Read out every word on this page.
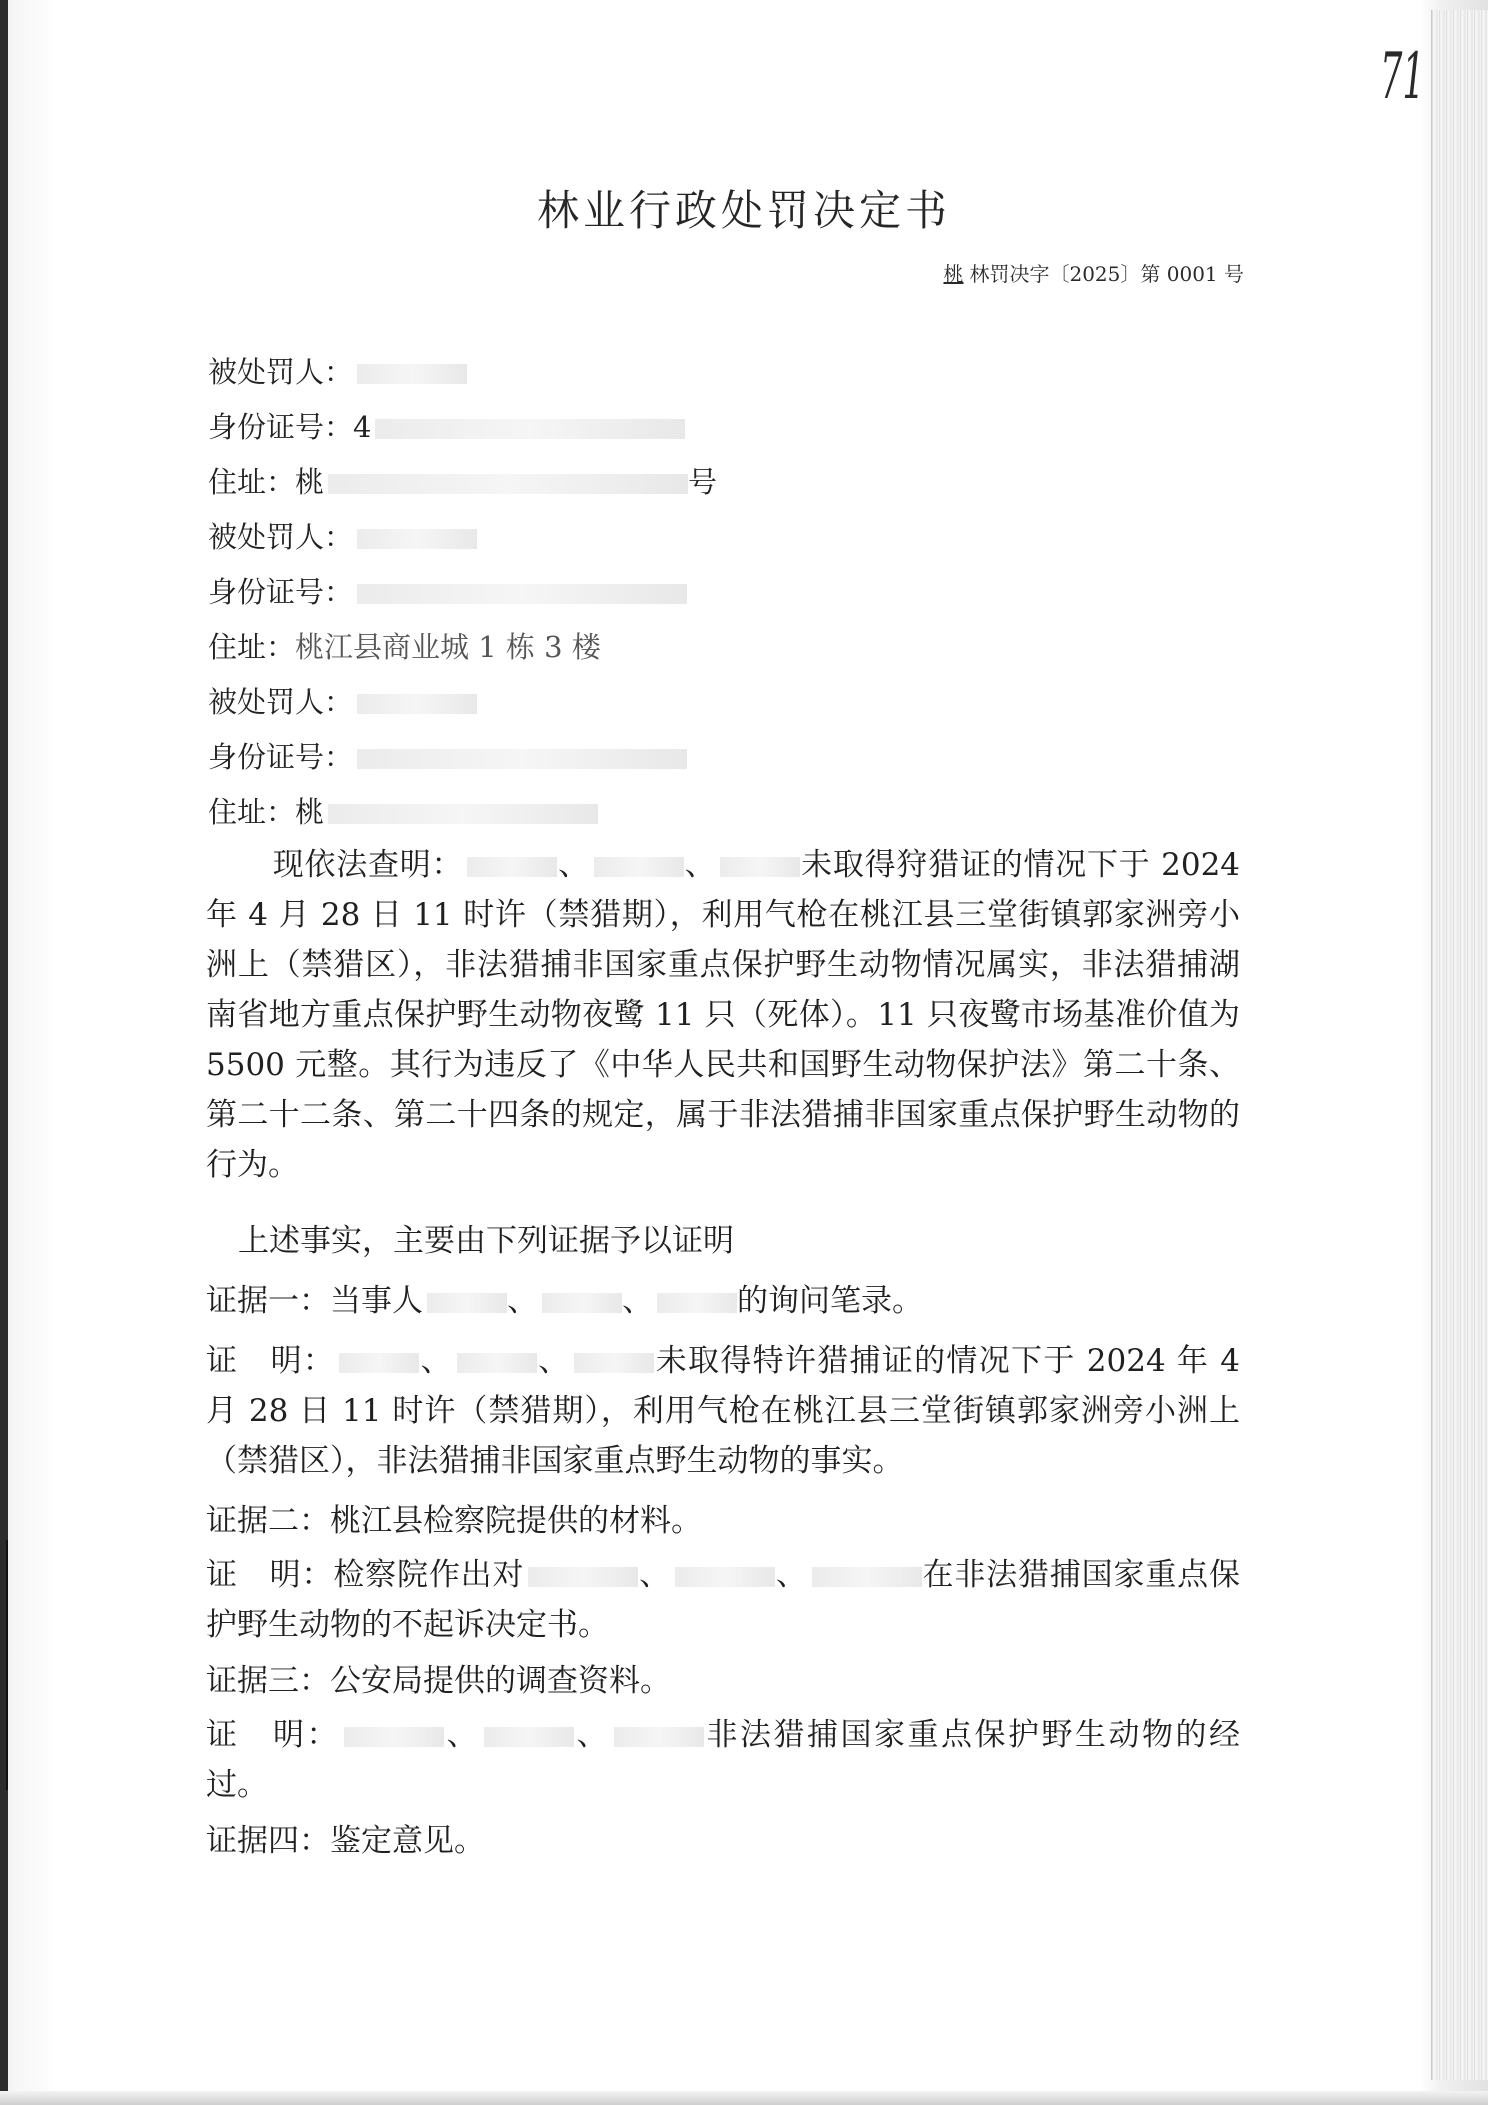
71
林业行政处罚决定书
桃 林罚决字〔2025〕第 0001 号
被处罚人：
身份证号：4
住址：桃	号
被处罚人：
身份证号：
住址：桃江县商业城 1 栋 3 楼
被处罚人：
身份证号：
住址：桃
现依法查明：	、	、	未取得狩猎证的情况下于 2024 年 4 月 28 日 11 时许（禁猎期），利用气枪在桃江县三堂街镇郭家洲旁小洲上（禁猎区），非法猎捕非国家重点保护野生动物情况属实，非法猎捕湖南省地方重点保护野生动物夜鹭 11 只（死体）。11 只夜鹭市场基准价值为 5500 元整。其行为违反了《中华人民共和国野生动物保护法》第二十条、第二十二条、第二十四条的规定，属于非法猎捕非国家重点保护野生动物的行为。
上述事实，主要由下列证据予以证明
证据一：当事人	、	、	的询问笔录。
证　明：	、	、	未取得特许猎捕证的情况下于 2024 年 4 月 28 日 11 时许（禁猎期），利用气枪在桃江县三堂街镇郭家洲旁小洲上（禁猎区），非法猎捕非国家重点野生动物的事实。
证据二：桃江县检察院提供的材料。
证　明：检察院作出对	、	、	在非法猎捕国家重点保护野生动物的不起诉决定书。
证据三：公安局提供的调查资料。
证　明：	、	、	非法猎捕国家重点保护野生动物的经过。
证据四：鉴定意见。
